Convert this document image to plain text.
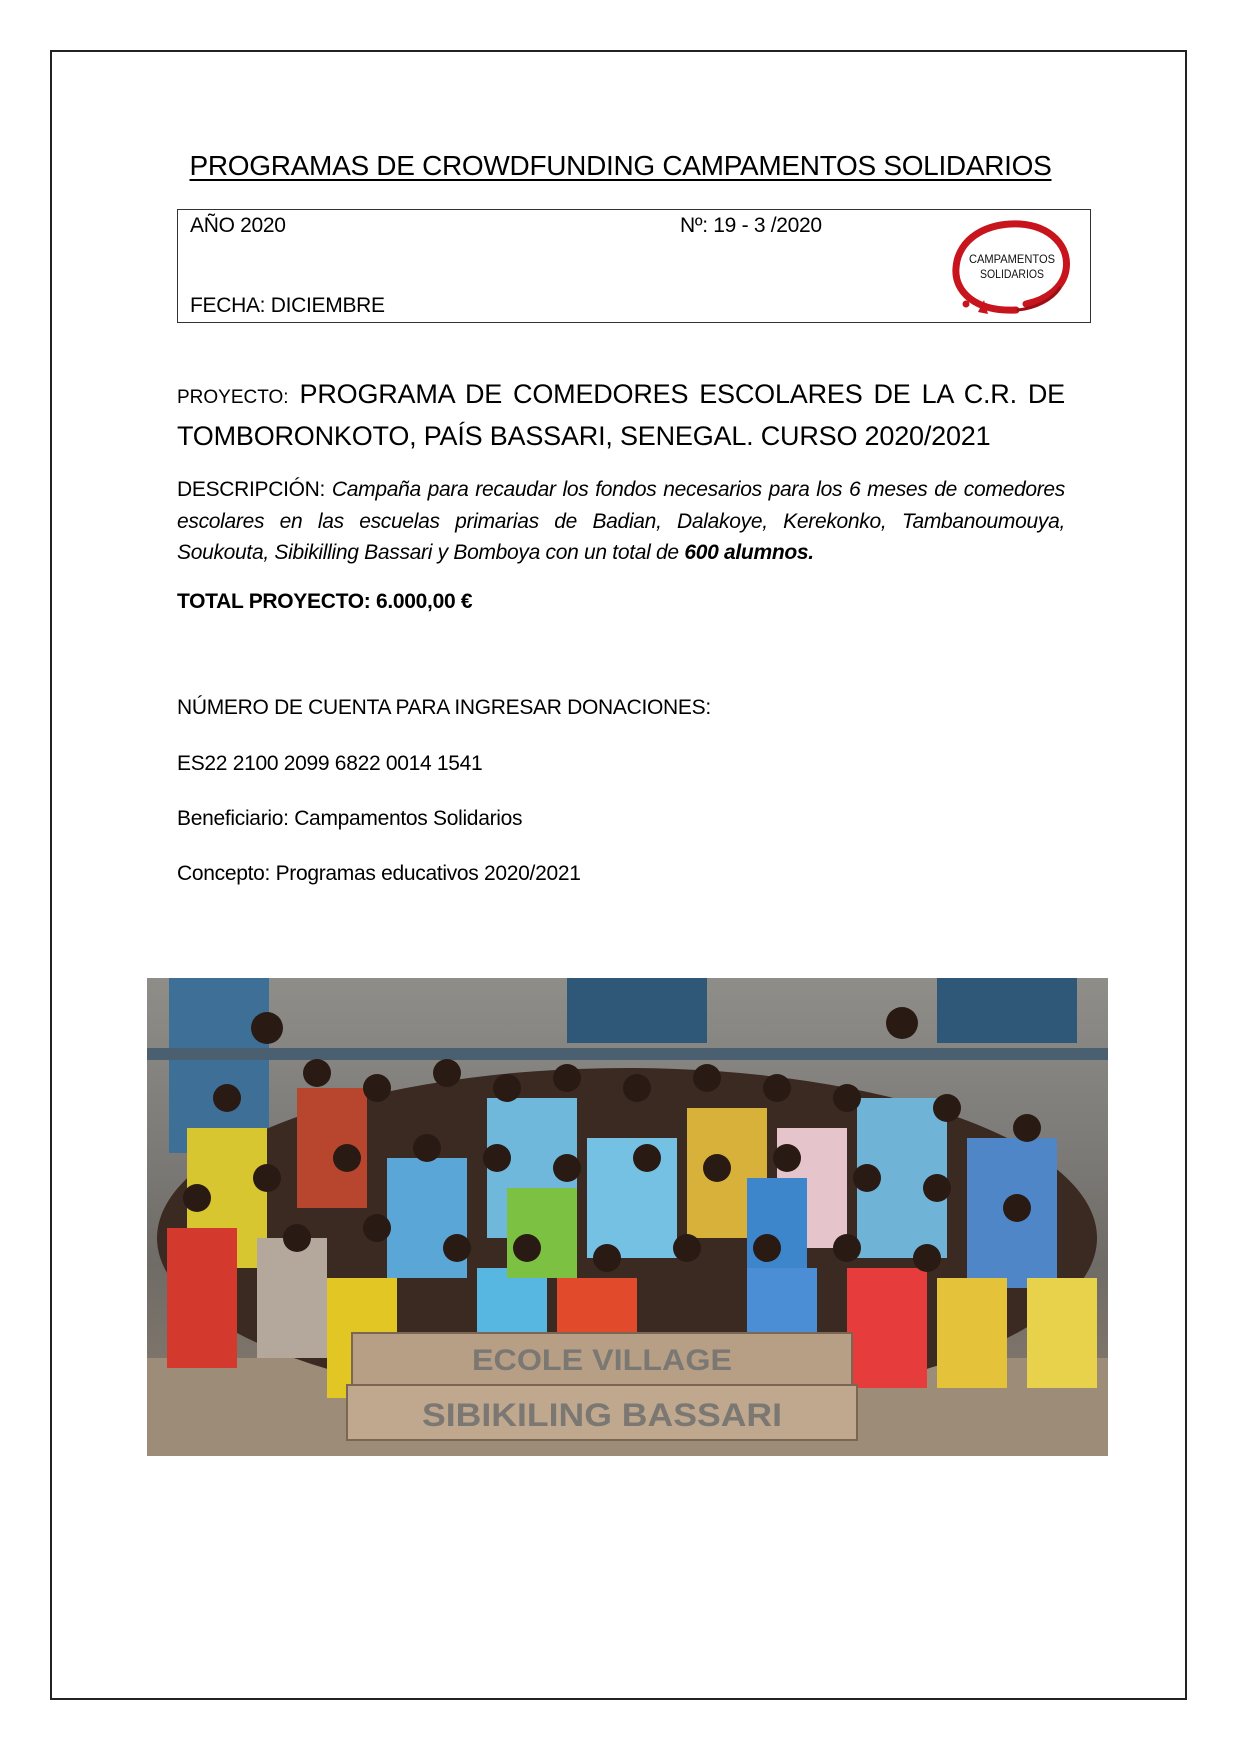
PROGRAMAS DE CROWDFUNDING CAMPAMENTOS SOLIDARIOS
AÑO 2020	Nº: 19 - 3 /2020
FECHA: DICIEMBRE
CAMPAMENTOS
SOLIDARIOS
PROYECTO: PROGRAMA DE COMEDORES ESCOLARES DE LA C.R. DE TOMBORONKOTO, PAÍS BASSARI, SENEGAL. CURSO 2020/2021
DESCRIPCIÓN: Campaña para recaudar los fondos necesarios para los 6 meses de comedores escolares en las escuelas primarias de Badian, Dalakoye, Kerekonko, Tambanoumouya, Soukouta, Sibikilling Bassari y Bomboya con un total de 600 alumnos.
TOTAL PROYECTO: 6.000,00 €
NÚMERO DE CUENTA PARA INGRESAR DONACIONES:
ES22 2100 2099 6822 0014 1541
Beneficiario: Campamentos Solidarios
Concepto: Programas educativos 2020/2021
ECOLE VILLAGE
SIBIKILING BASSARI
